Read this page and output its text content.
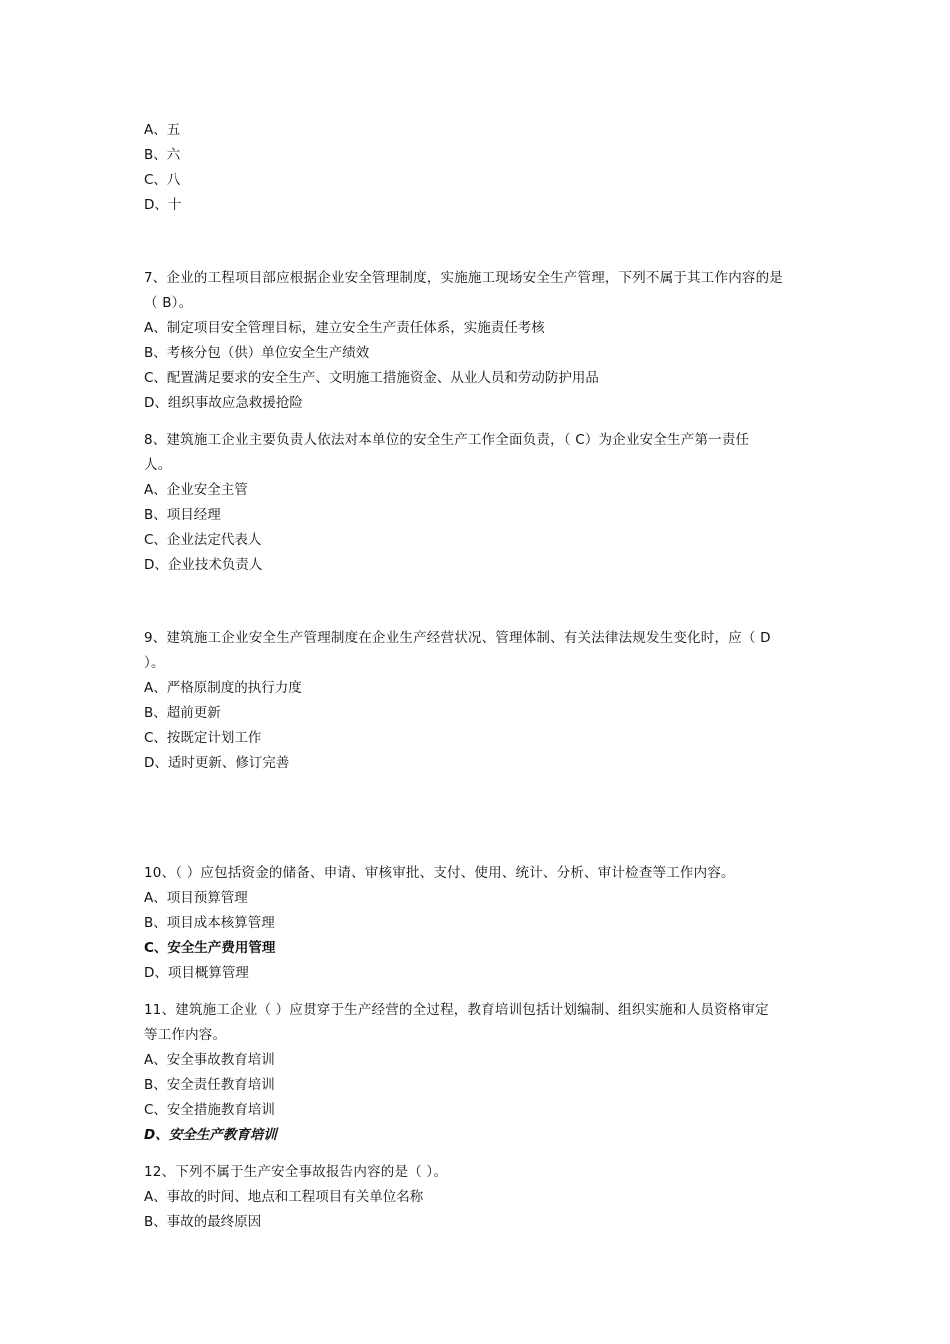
A、五
B、六
C、八
D、十
7、企业的工程项目部应根据企业安全管理制度，实施施工现场安全生产管理，下列不属于其工作内容的是
（ B）。
A、制定项目安全管理目标，建立安全生产责任体系，实施责任考核
B、考核分包（供）单位安全生产绩效
C、配置满足要求的安全生产、文明施工措施资金、从业人员和劳动防护用品
D、组织事故应急救援抢险
8、建筑施工企业主要负责人依法对本单位的安全生产工作全面负责，（ C）为企业安全生产第一责任
人。
A、企业安全主管
B、项目经理
C、企业法定代表人
D、企业技术负责人
9、建筑施工企业安全生产管理制度在企业生产经营状况、管理体制、有关法律法规发生变化时，应（ D
）。
A、严格原制度的执行力度
B、超前更新
C、按既定计划工作
D、适时更新、修订完善
10、（ ）应包括资金的储备、申请、审核审批、支付、使用、统计、分析、审计检查等工作内容。
A、项目预算管理
B、项目成本核算管理
C、安全生产费用管理
D、项目概算管理
11、建筑施工企业（ ）应贯穿于生产经营的全过程，教育培训包括计划编制、组织实施和人员资格审定
等工作内容。
A、安全事故教育培训
B、安全责任教育培训
C、安全措施教育培训
D、安全生产教育培训
12、下列不属于生产安全事故报告内容的是（ ）。
A、事故的时间、地点和工程项目有关单位名称
B、事故的最终原因
